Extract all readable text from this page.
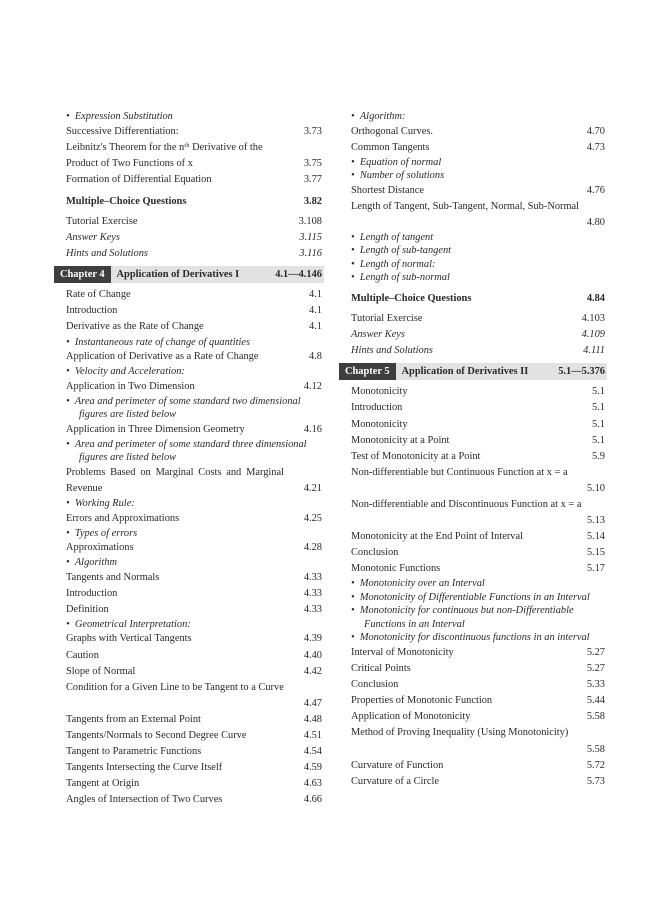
•  Expression Substitution
Successive Differentiation:	3.73
Leibnitz's Theorem for the nᵗʰ Derivative of the Product of Two Functions of x	3.75
Formation of Differential Equation	3.77
Multiple–Choice Questions	3.82
Tutorial Exercise	3.108
Answer Keys	3.115
Hints and Solutions	3.116
Chapter 4	Application of Derivatives I	4.1—4.146
Rate of Change	4.1
Introduction	4.1
Derivative as the Rate of Change	4.1
•  Instantaneous rate of change of quantities
Application of Derivative as a Rate of Change	4.8
•  Velocity and Acceleration:
Application in Two Dimension	4.12
•  Area and perimeter of some standard two dimensional figures are listed below
Application in Three Dimension Geometry	4.16
•  Area and perimeter of some standard three dimensional figures are listed below
Problems Based on Marginal Costs and Marginal Revenue	4.21
•  Working Rule:
Errors and Approximations	4.25
•  Types of errors
Approximations	4.28
•  Algorithm
Tangents and Normals	4.33
Introduction	4.33
Definition	4.33
•  Geometrical Interpretation:
Graphs with Vertical Tangents	4.39
Caution	4.40
Slope of Normal	4.42
Condition for a Given Line to be Tangent to a Curve
4.47
Tangents from an External Point	4.48
Tangents/Normals to Second Degree Curve	4.51
Tangent to Parametric Functions	4.54
Tangents Intersecting the Curve Itself	4.59
Tangent at Origin	4.63
Angles of Intersection of Two Curves	4.66
•  Algorithm:
Orthogonal Curves.	4.70
Common Tangents	4.73
•  Equation of normal
•  Number of solutions
Shortest Distance	4.76
Length of Tangent, Sub-Tangent, Normal, Sub-Normal
4.80
•  Length of tangent
•  Length of sub-tangent
•  Length of normal:
•  Length of sub-normal
Multiple–Choice Questions	4.84
Tutorial Exercise	4.103
Answer Keys	4.109
Hints and Solutions	4.111
Chapter 5	Application of Derivatives II	5.1—5.376
Monotonicity	5.1
Introduction	5.1
Monotonicity	5.1
Monotonicity at a Point	5.1
Test of Monotonicity at a Point	5.9
Non-differentiable but Continuous Function at x = a
5.10
Non-differentiable and Discontinuous Function at x = a
5.13
Monotonicity at the End Point of Interval	5.14
Conclusion	5.15
Monotonic Functions	5.17
•  Monotonicity over an Interval
•  Monotonicity of Differentiable Functions in an Interval
•  Monotonicity for continuous but non-Differentiable Functions in an Interval
•  Monotonicity for discontinuous functions in an interval
Interval of Monotonicity	5.27
Critical Points	5.27
Conclusion	5.33
Properties of Monotonic Function	5.44
Application of Monotonicity	5.58
Method of Proving Inequality (Using Monotonicity)
5.58
Curvature of Function	5.72
Curvature of a Circle	5.73
